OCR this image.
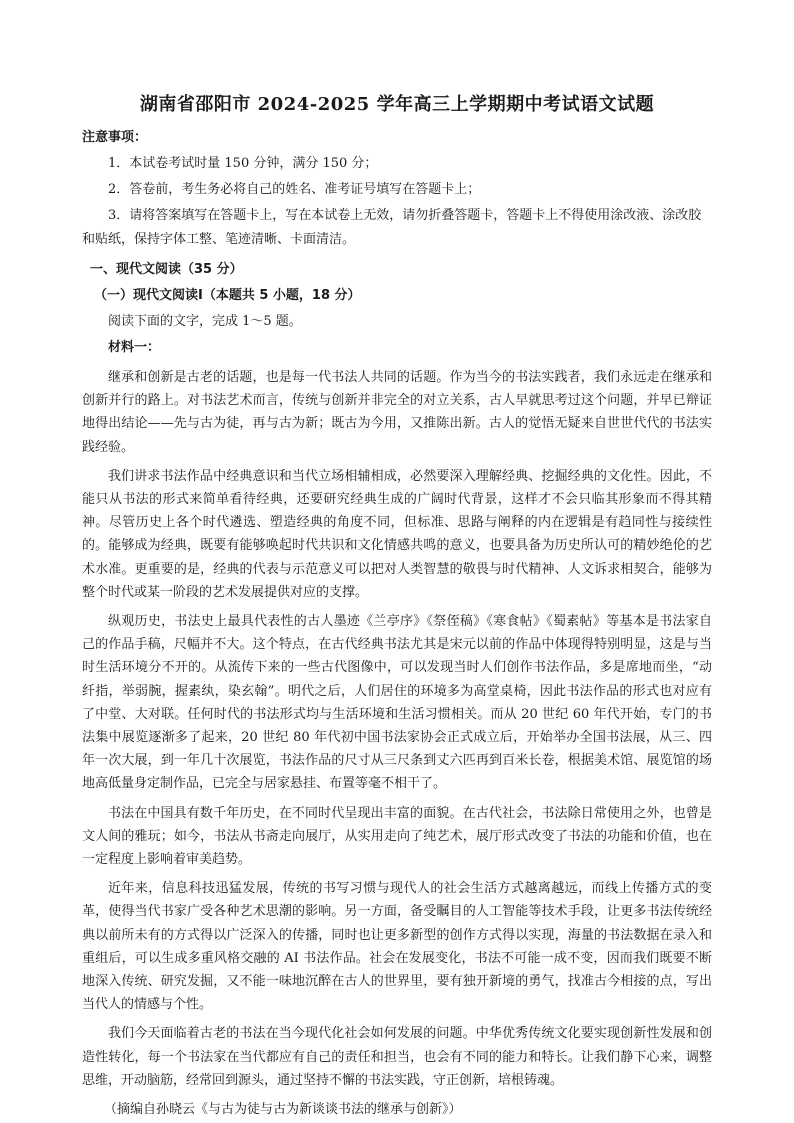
湖南省邵阳市 2024-2025 学年高三上学期期中考试语文试题

注意事项：

1．本试卷考试时量 150 分钟，满分 150 分；

2．答卷前，考生务必将自己的姓名、准考证号填写在答题卡上；

3．请将答案填写在答题卡上，写在本试卷上无效，请勿折叠答题卡，答题卡上不得使用涂改液、涂改胶和贴纸，保持字体工整、笔迹清晰、卡面清洁。

一、现代文阅读（35 分）

（一）现代文阅读Ⅰ（本题共 5 小题，18 分）

阅读下面的文字，完成 1～5 题。

材料一：

继承和创新是古老的话题，也是每一代书法人共同的话题。作为当今的书法实践者，我们永远走在继承和创新并行的路上。对书法艺术而言，传统与创新并非完全的对立关系，古人早就思考过这个问题，并早已辩证地得出结论——先与古为徒，再与古为新；既古为今用，又推陈出新。古人的觉悟无疑来自世世代代的书法实践经验。

我们讲求书法作品中经典意识和当代立场相辅相成，必然要深入理解经典、挖掘经典的文化性。因此，不能只从书法的形式来简单看待经典，还要研究经典生成的广阔时代背景，这样才不会只临其形象而不得其精神。尽管历史上各个时代遴选、塑造经典的角度不同，但标准、思路与阐释的内在逻辑是有趋同性与接续性的。能够成为经典，既要有能够唤起时代共识和文化情感共鸣的意义，也要具备为历史所认可的精妙绝伦的艺术水准。更重要的是，经典的代表与示范意义可以把对人类智慧的敬畏与时代精神、人文诉求相契合，能够为整个时代或某一阶段的艺术发展提供对应的支撑。

纵观历史，书法史上最具代表性的古人墨迹《兰亭序》《祭侄稿》《寒食帖》《蜀素帖》等基本是书法家自己的作品手稿，尺幅并不大。这个特点，在古代经典书法尤其是宋元以前的作品中体现得特别明显，这是与当时生活环境分不开的。从流传下来的一些古代图像中，可以发现当时人们创作书法作品，多是席地而坐，“动纤指，举弱腕，握素纨，染玄翰”。明代之后，人们居住的环境多为高堂桌椅，因此书法作品的形式也对应有了中堂、大对联。任何时代的书法形式均与生活环境和生活习惯相关。而从 20 世纪 60 年代开始，专门的书法集中展览逐渐多了起来，20 世纪 80 年代初中国书法家协会正式成立后，开始举办全国书法展，从三、四年一次大展，到一年几十次展览，书法作品的尺寸从三尺条到丈六匹再到百米长卷，根据美术馆、展览馆的场地高低量身定制作品，已完全与居家悬挂、布置等毫不相干了。

书法在中国具有数千年历史，在不同时代呈现出丰富的面貌。在古代社会，书法除日常使用之外，也曾是文人间的雅玩；如今，书法从书斋走向展厅，从实用走向了纯艺术，展厅形式改变了书法的功能和价值，也在一定程度上影响着审美趋势。

近年来，信息科技迅猛发展，传统的书写习惯与现代人的社会生活方式越离越远，而线上传播方式的变革，使得当代书家广受各种艺术思潮的影响。另一方面，备受瞩目的人工智能等技术手段，让更多书法传统经典以前所未有的方式得以广泛深入的传播，同时也让更多新型的创作方式得以实现，海量的书法数据在录入和重组后，可以生成多重风格交融的 AI 书法作品。社会在发展变化，书法不可能一成不变，因而我们既要不断地深入传统、研究发掘，又不能一味地沉醉在古人的世界里，要有独开新境的勇气，找准古今相接的点，写出当代人的情感与个性。

我们今天面临着古老的书法在当今现代化社会如何发展的问题。中华优秀传统文化要实现创新性发展和创造性转化，每一个书法家在当代都应有自己的责任和担当，也会有不同的能力和特长。让我们静下心来，调整思维，开动脑筋，经常回到源头，通过坚持不懈的书法实践，守正创新，培根铸魂。

（摘编自孙晓云《与古为徒与古为新谈谈书法的继承与创新》）
